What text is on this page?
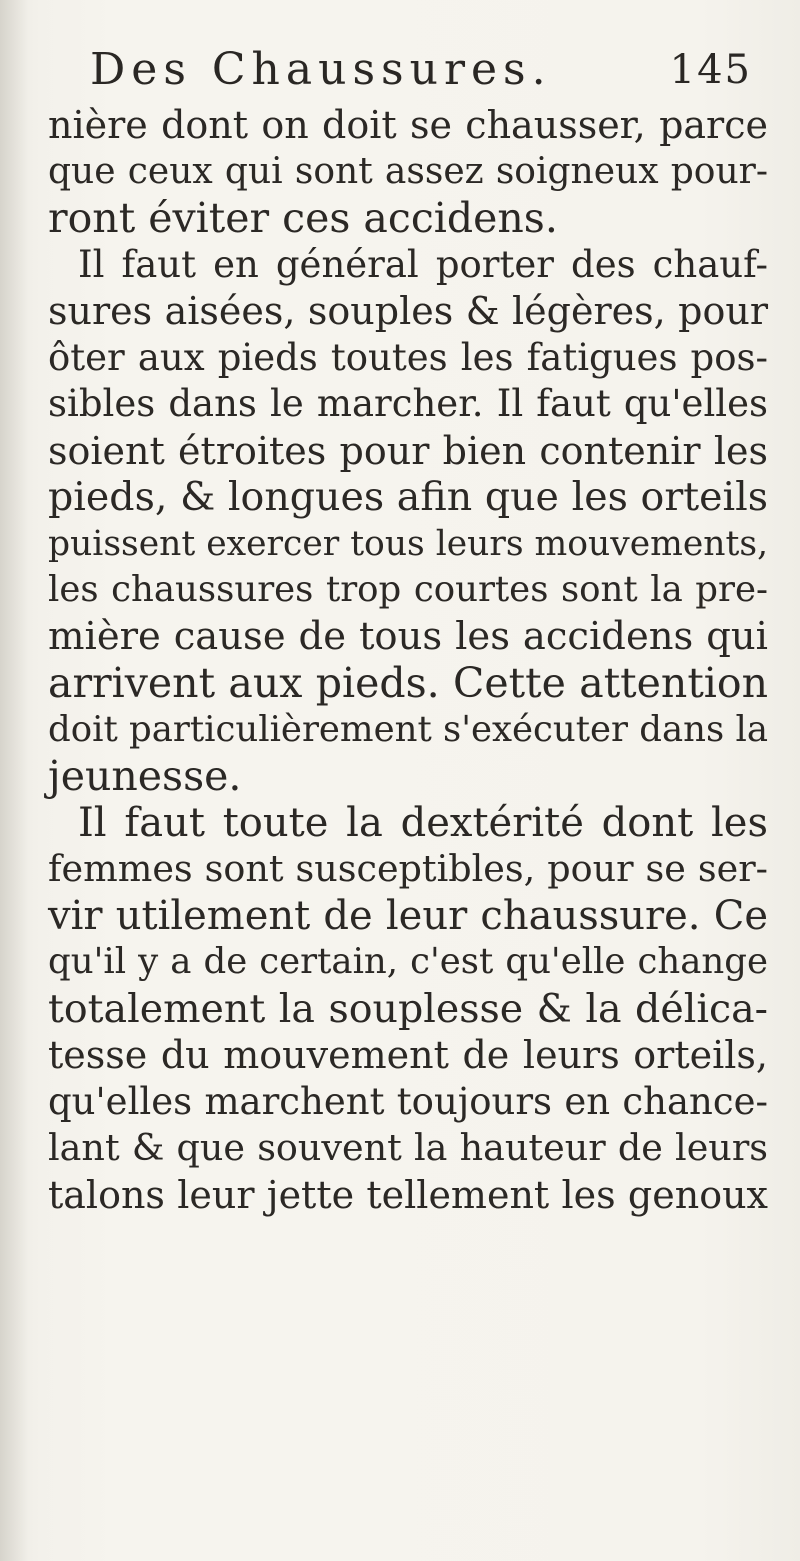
Des Chaussures.	145
nière dont on doit se chausser, parce
que ceux qui sont assez soigneux pour-
ront éviter ces accidens.
Il faut en général porter des chauf-
sures aisées, souples & légères, pour
ôter aux pieds toutes les fatigues pos-
sibles dans le marcher. Il faut qu'elles
soient étroites pour bien contenir les
pieds, & longues afin que les orteils
puissent exercer tous leurs mouvements,
les chaussures trop courtes sont la pre-
mière cause de tous les accidens qui
arrivent aux pieds. Cette attention
doit particulièrement s'exécuter dans la
jeunesse.
Il faut toute la dextérité dont les
femmes sont susceptibles, pour se ser-
vir utilement de leur chaussure. Ce
qu'il y a de certain, c'est qu'elle change
totalement la souplesse & la délica-
tesse du mouvement de leurs orteils,
qu'elles marchent toujours en chance-
lant & que souvent la hauteur de leurs
talons leur jette tellement les genoux
